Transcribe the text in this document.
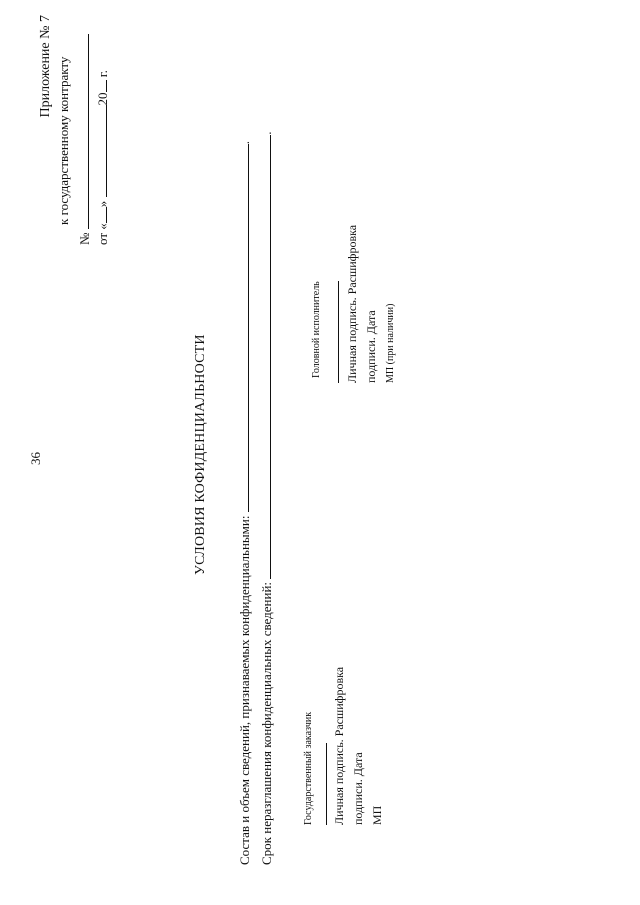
36
Приложение № 7 к государственному контракту
№ от «» 20 г.
УСЛОВИЯ КОФИДЕНЦИАЛЬНОСТИ
Состав и объем сведений, признаваемых конфиденциальными: .
Срок неразглашения конфиденциальных сведений: .
Государственный заказчик Личная подпись. Расшифровка подписи. Дата МП
Головной исполнитель Личная подпись. Расшифровка подписи. Дата МП (при наличии)
